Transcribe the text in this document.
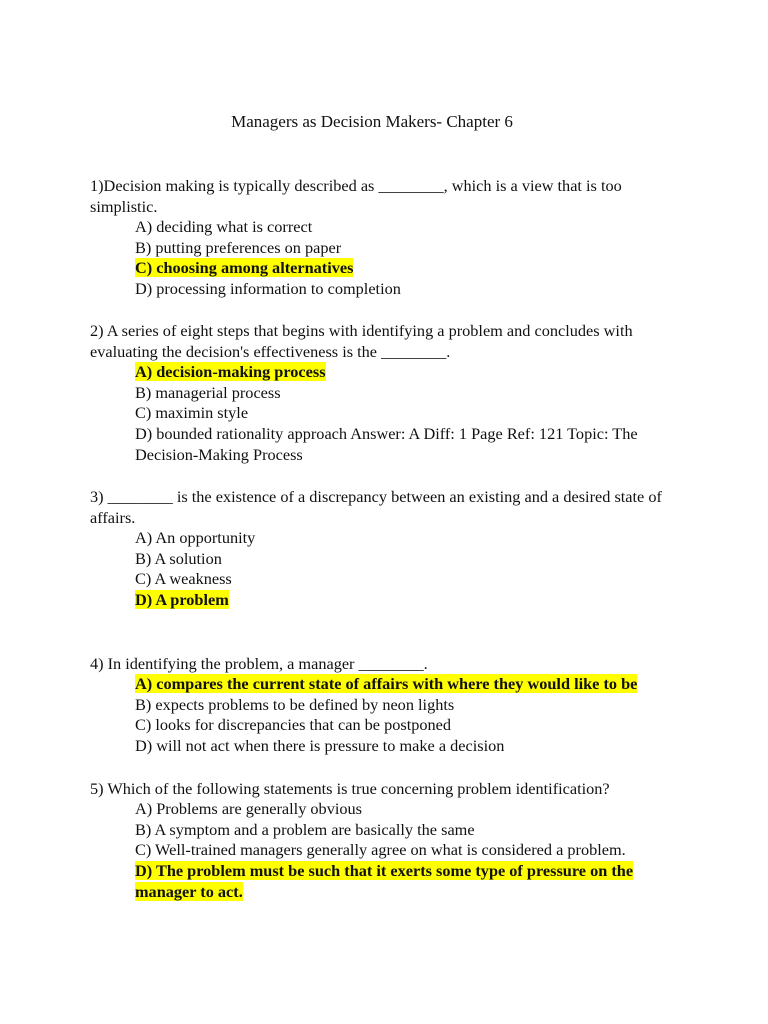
Managers as Decision Makers- Chapter 6
1)Decision making is typically described as ________, which is a view that is too simplistic.
A) deciding what is correct
B) putting preferences on paper
C) choosing among alternatives
D) processing information to completion
2) A series of eight steps that begins with identifying a problem and concludes with evaluating the decision's effectiveness is the ________.
A) decision-making process
B) managerial process
C) maximin style
D) bounded rationality approach Answer: A Diff: 1 Page Ref: 121 Topic: The Decision-Making Process
3) ________ is the existence of a discrepancy between an existing and a desired state of affairs.
A) An opportunity
B) A solution
C) A weakness
D) A problem
4) In identifying the problem, a manager ________.
A) compares the current state of affairs with where they would like to be
B) expects problems to be defined by neon lights
C) looks for discrepancies that can be postponed
D) will not act when there is pressure to make a decision
5) Which of the following statements is true concerning problem identification?
A) Problems are generally obvious
B) A symptom and a problem are basically the same
C) Well-trained managers generally agree on what is considered a problem.
D) The problem must be such that it exerts some type of pressure on the manager to act.
